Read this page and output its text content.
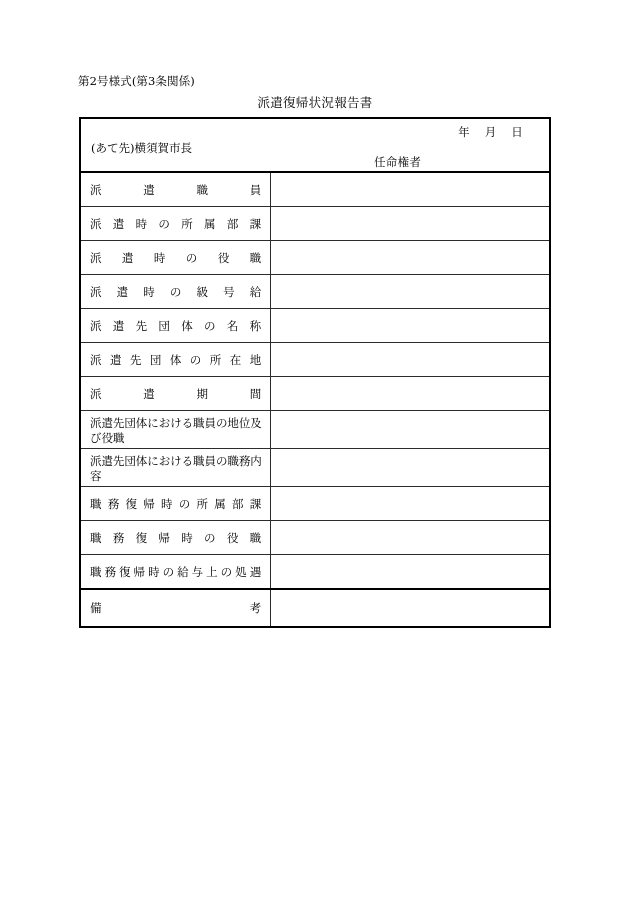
第2号様式(第3条関係)
派遣復帰状況報告書
年 月 日
(あて先)横須賀市長
任命権者	

派遣職員	

派遣時の所属部課	

派遣時の役職	

派遣時の級号給	

派遣先団体の名称	

派遣先団体の所在地	

派遣期間	

派遣先団体における職員の地位及び役職	

派遣先団体における職員の職務内容	

職務復帰時の所属部課	

職務復帰時の役職	

職務復帰時の給与上の処遇	

備考	
